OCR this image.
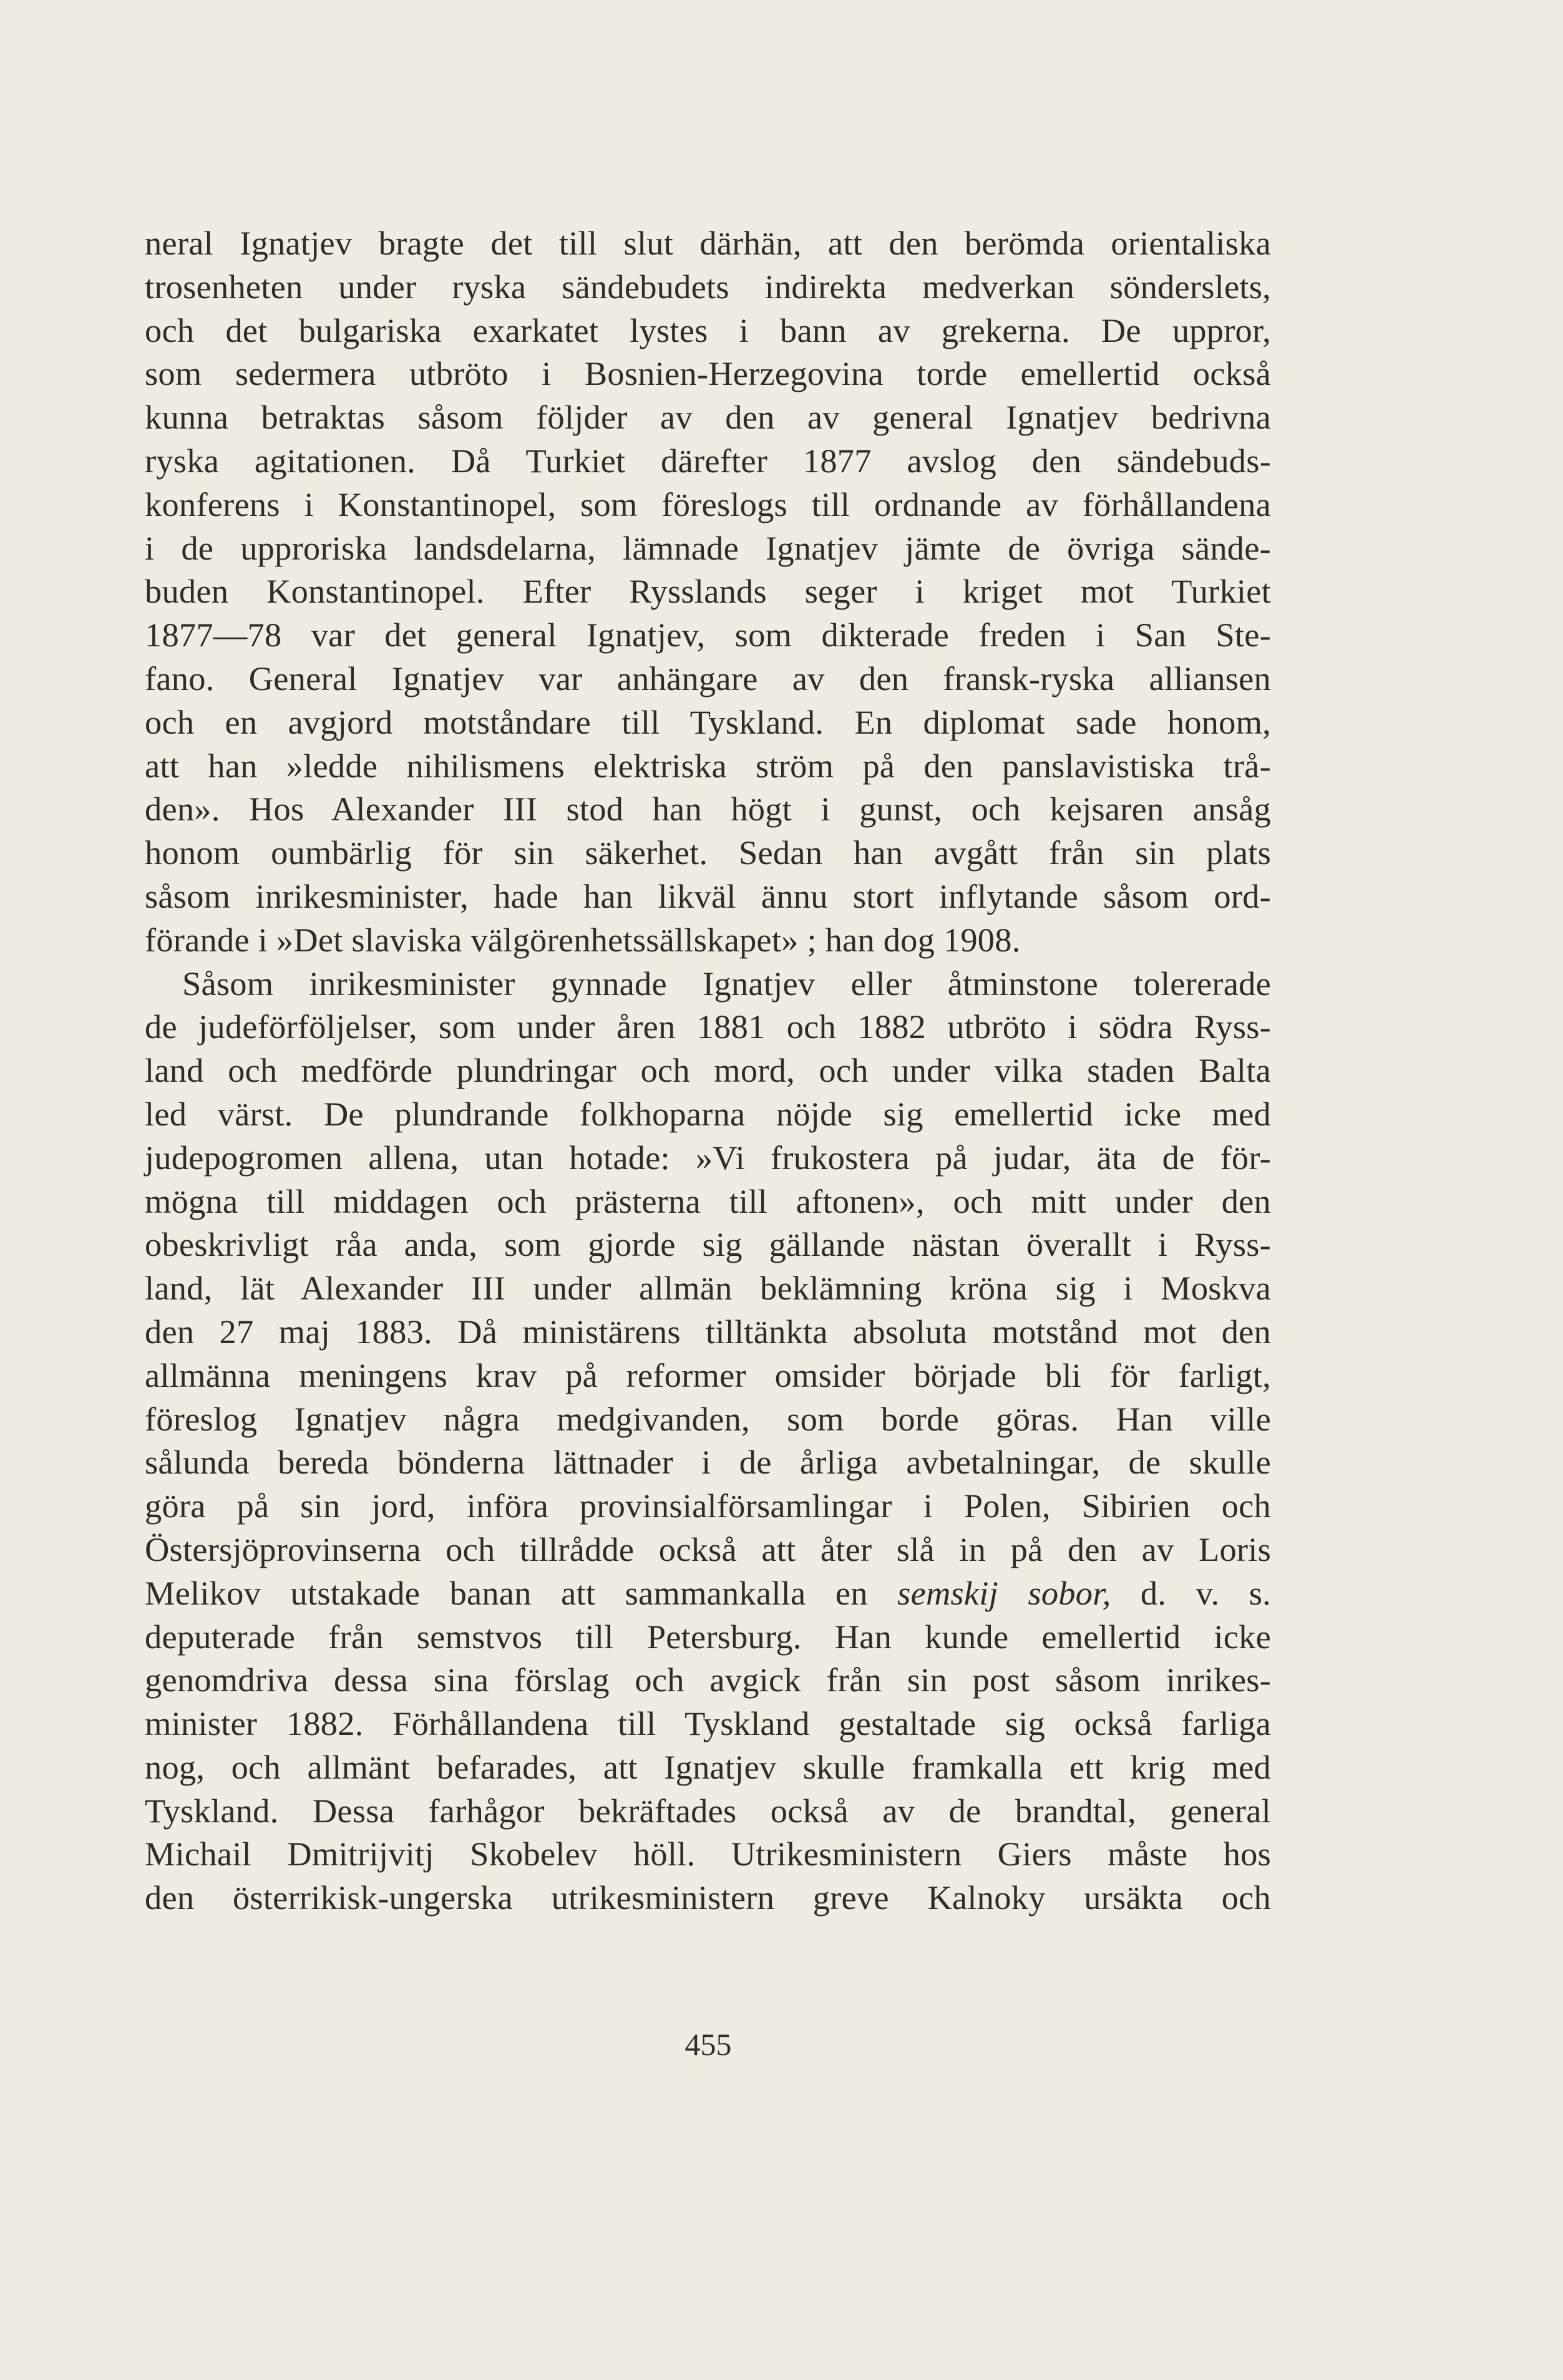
neral Ignatjev bragte det till slut därhän, att den berömda orientaliska
trosenheten under ryska sändebudets indirekta medverkan sönderslets,
och det bulgariska exarkatet lystes i bann av grekerna. De uppror,
som sedermera utbröto i Bosnien-Herzegovina torde emellertid också
kunna betraktas såsom följder av den av general Ignatjev bedrivna
ryska agitationen. Då Turkiet därefter 1877 avslog den sändebuds-
konferens i Konstantinopel, som föreslogs till ordnande av förhållandena
i de upproriska landsdelarna, lämnade Ignatjev jämte de övriga sände-
buden Konstantinopel. Efter Rysslands seger i kriget mot Turkiet
1877—78 var det general Ignatjev, som dikterade freden i San Ste-
fano. General Ignatjev var anhängare av den fransk-ryska alliansen
och en avgjord motståndare till Tyskland. En diplomat sade honom,
att han »ledde nihilismens elektriska ström på den panslavistiska trå-
den». Hos Alexander III stod han högt i gunst, och kejsaren ansåg
honom oumbärlig för sin säkerhet. Sedan han avgått från sin plats
såsom inrikesminister, hade han likväl ännu stort inflytande såsom ord-
förande i »Det slaviska välgörenhetssällskapet» ; han dog 1908.
Såsom inrikesminister gynnade Ignatjev eller åtminstone tolererade
de judeförföljelser, som under åren 1881 och 1882 utbröto i södra Ryss-
land och medförde plundringar och mord, och under vilka staden Balta
led värst. De plundrande folkhoparna nöjde sig emellertid icke med
judepogromen allena, utan hotade: »Vi frukostera på judar, äta de för-
mögna till middagen och prästerna till aftonen», och mitt under den
obeskrivligt råa anda, som gjorde sig gällande nästan överallt i Ryss-
land, lät Alexander III under allmän beklämning kröna sig i Moskva
den 27 maj 1883. Då ministärens tilltänkta absoluta motstånd mot den
allmänna meningens krav på reformer omsider började bli för farligt,
föreslog Ignatjev några medgivanden, som borde göras. Han ville
sålunda bereda bönderna lättnader i de årliga avbetalningar, de skulle
göra på sin jord, införa provinsialförsamlingar i Polen, Sibirien och
Östersjöprovinserna och tillrådde också att åter slå in på den av Loris
Melikov utstakade banan att sammankalla en semskij sobor, d. v. s.
deputerade från semstvos till Petersburg. Han kunde emellertid icke
genomdriva dessa sina förslag och avgick från sin post såsom inrikes-
minister 1882. Förhållandena till Tyskland gestaltade sig också farliga
nog, och allmänt befarades, att Ignatjev skulle framkalla ett krig med
Tyskland. Dessa farhågor bekräftades också av de brandtal, general
Michail Dmitrijvitj Skobelev höll. Utrikesministern Giers måste hos
den österrikisk-ungerska utrikesministern greve Kalnoky ursäkta och
455
